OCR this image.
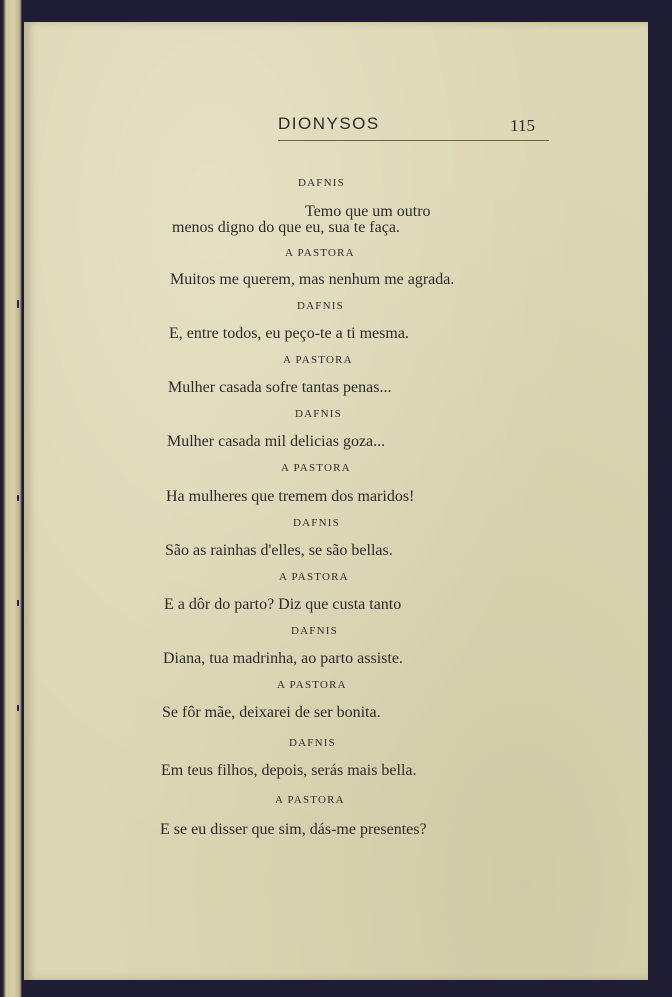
DIONYSOS	115
DAFNIS
Temo que um outro
menos digno do que eu, sua te faça.
A PASTORA
Muitos me querem, mas nenhum me agrada.
DAFNIS
E, entre todos, eu peço-te a ti mesma.
A PASTORA
Mulher casada sofre tantas penas...
DAFNIS
Mulher casada mil delicias goza...
A PASTORA
Ha mulheres que tremem dos maridos!
DAFNIS
São as rainhas d'elles, se são bellas.
A PASTORA
E a dôr do parto? Diz que custa tanto
DAFNIS
Diana, tua madrinha, ao parto assiste.
A PASTORA
Se fôr mãe, deixarei de ser bonita.
DAFNIS
Em teus filhos, depois, serás mais bella.
A PASTORA
E se eu disser que sim, dás-me presentes?
